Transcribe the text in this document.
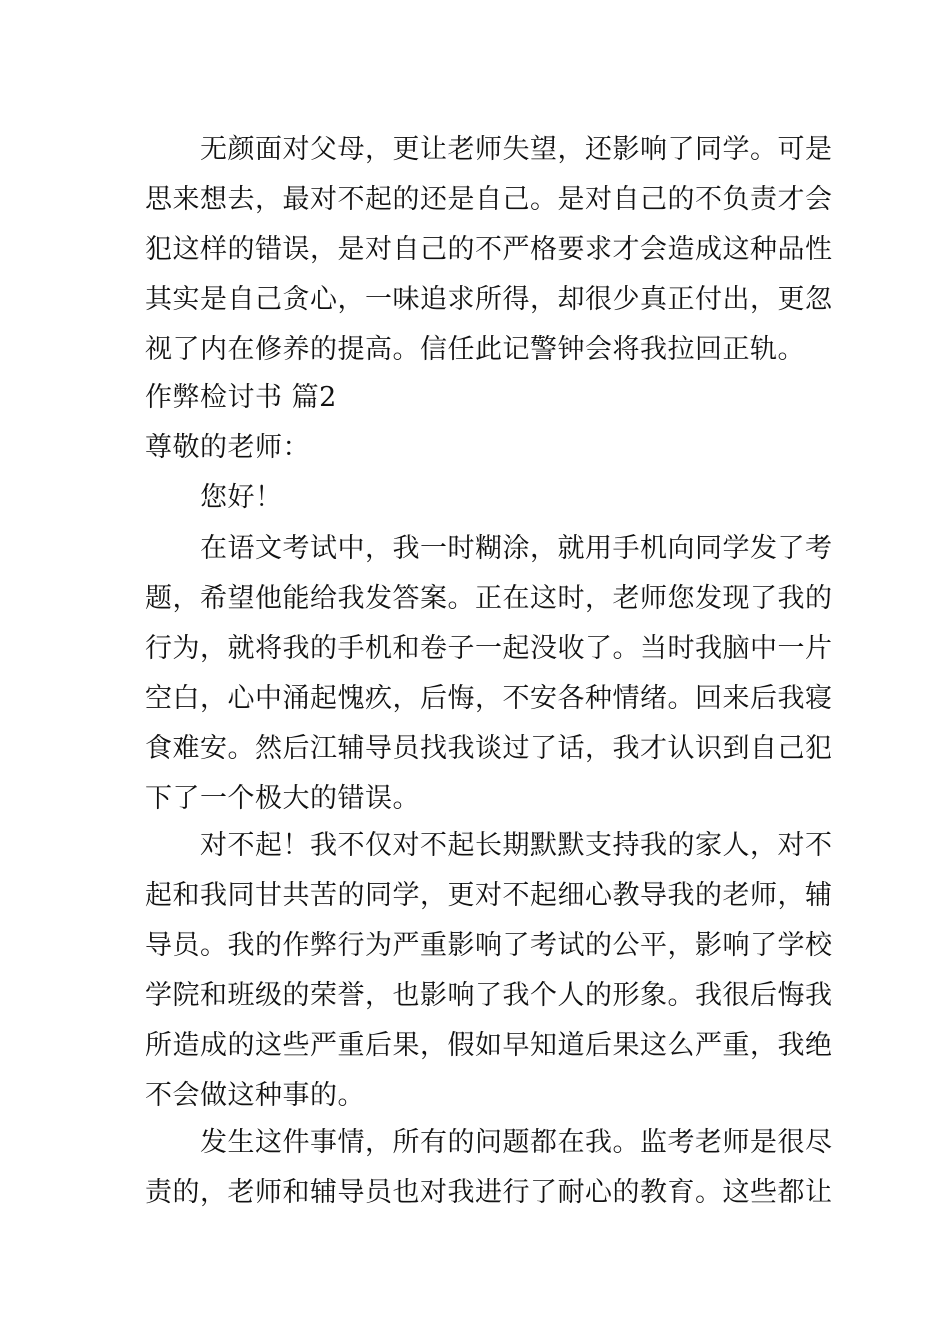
无颜面对父母，更让老师失望，还影响了同学。可是
思来想去，最对不起的还是自己。是对自己的不负责才会
犯这样的错误，是对自己的不严格要求才会造成这种品性
其实是自己贪心，一味追求所得，却很少真正付出，更忽
视了内在修养的提高。信任此记警钟会将我拉回正轨。
作弊检讨书 篇2
尊敬的老师：
您好！
在语文考试中，我一时糊涂，就用手机向同学发了考
题，希望他能给我发答案。正在这时，老师您发现了我的
行为，就将我的手机和卷子一起没收了。当时我脑中一片
空白，心中涌起愧疚，后悔，不安各种情绪。回来后我寝
食难安。然后江辅导员找我谈过了话，我才认识到自己犯
下了一个极大的错误。
对不起！我不仅对不起长期默默支持我的家人，对不
起和我同甘共苦的同学，更对不起细心教导我的老师，辅
导员。我的作弊行为严重影响了考试的公平，影响了学校
学院和班级的荣誉，也影响了我个人的形象。我很后悔我
所造成的这些严重后果，假如早知道后果这么严重，我绝
不会做这种事的。
发生这件事情，所有的问题都在我。监考老师是很尽
责的，老师和辅导员也对我进行了耐心的教育。这些都让
